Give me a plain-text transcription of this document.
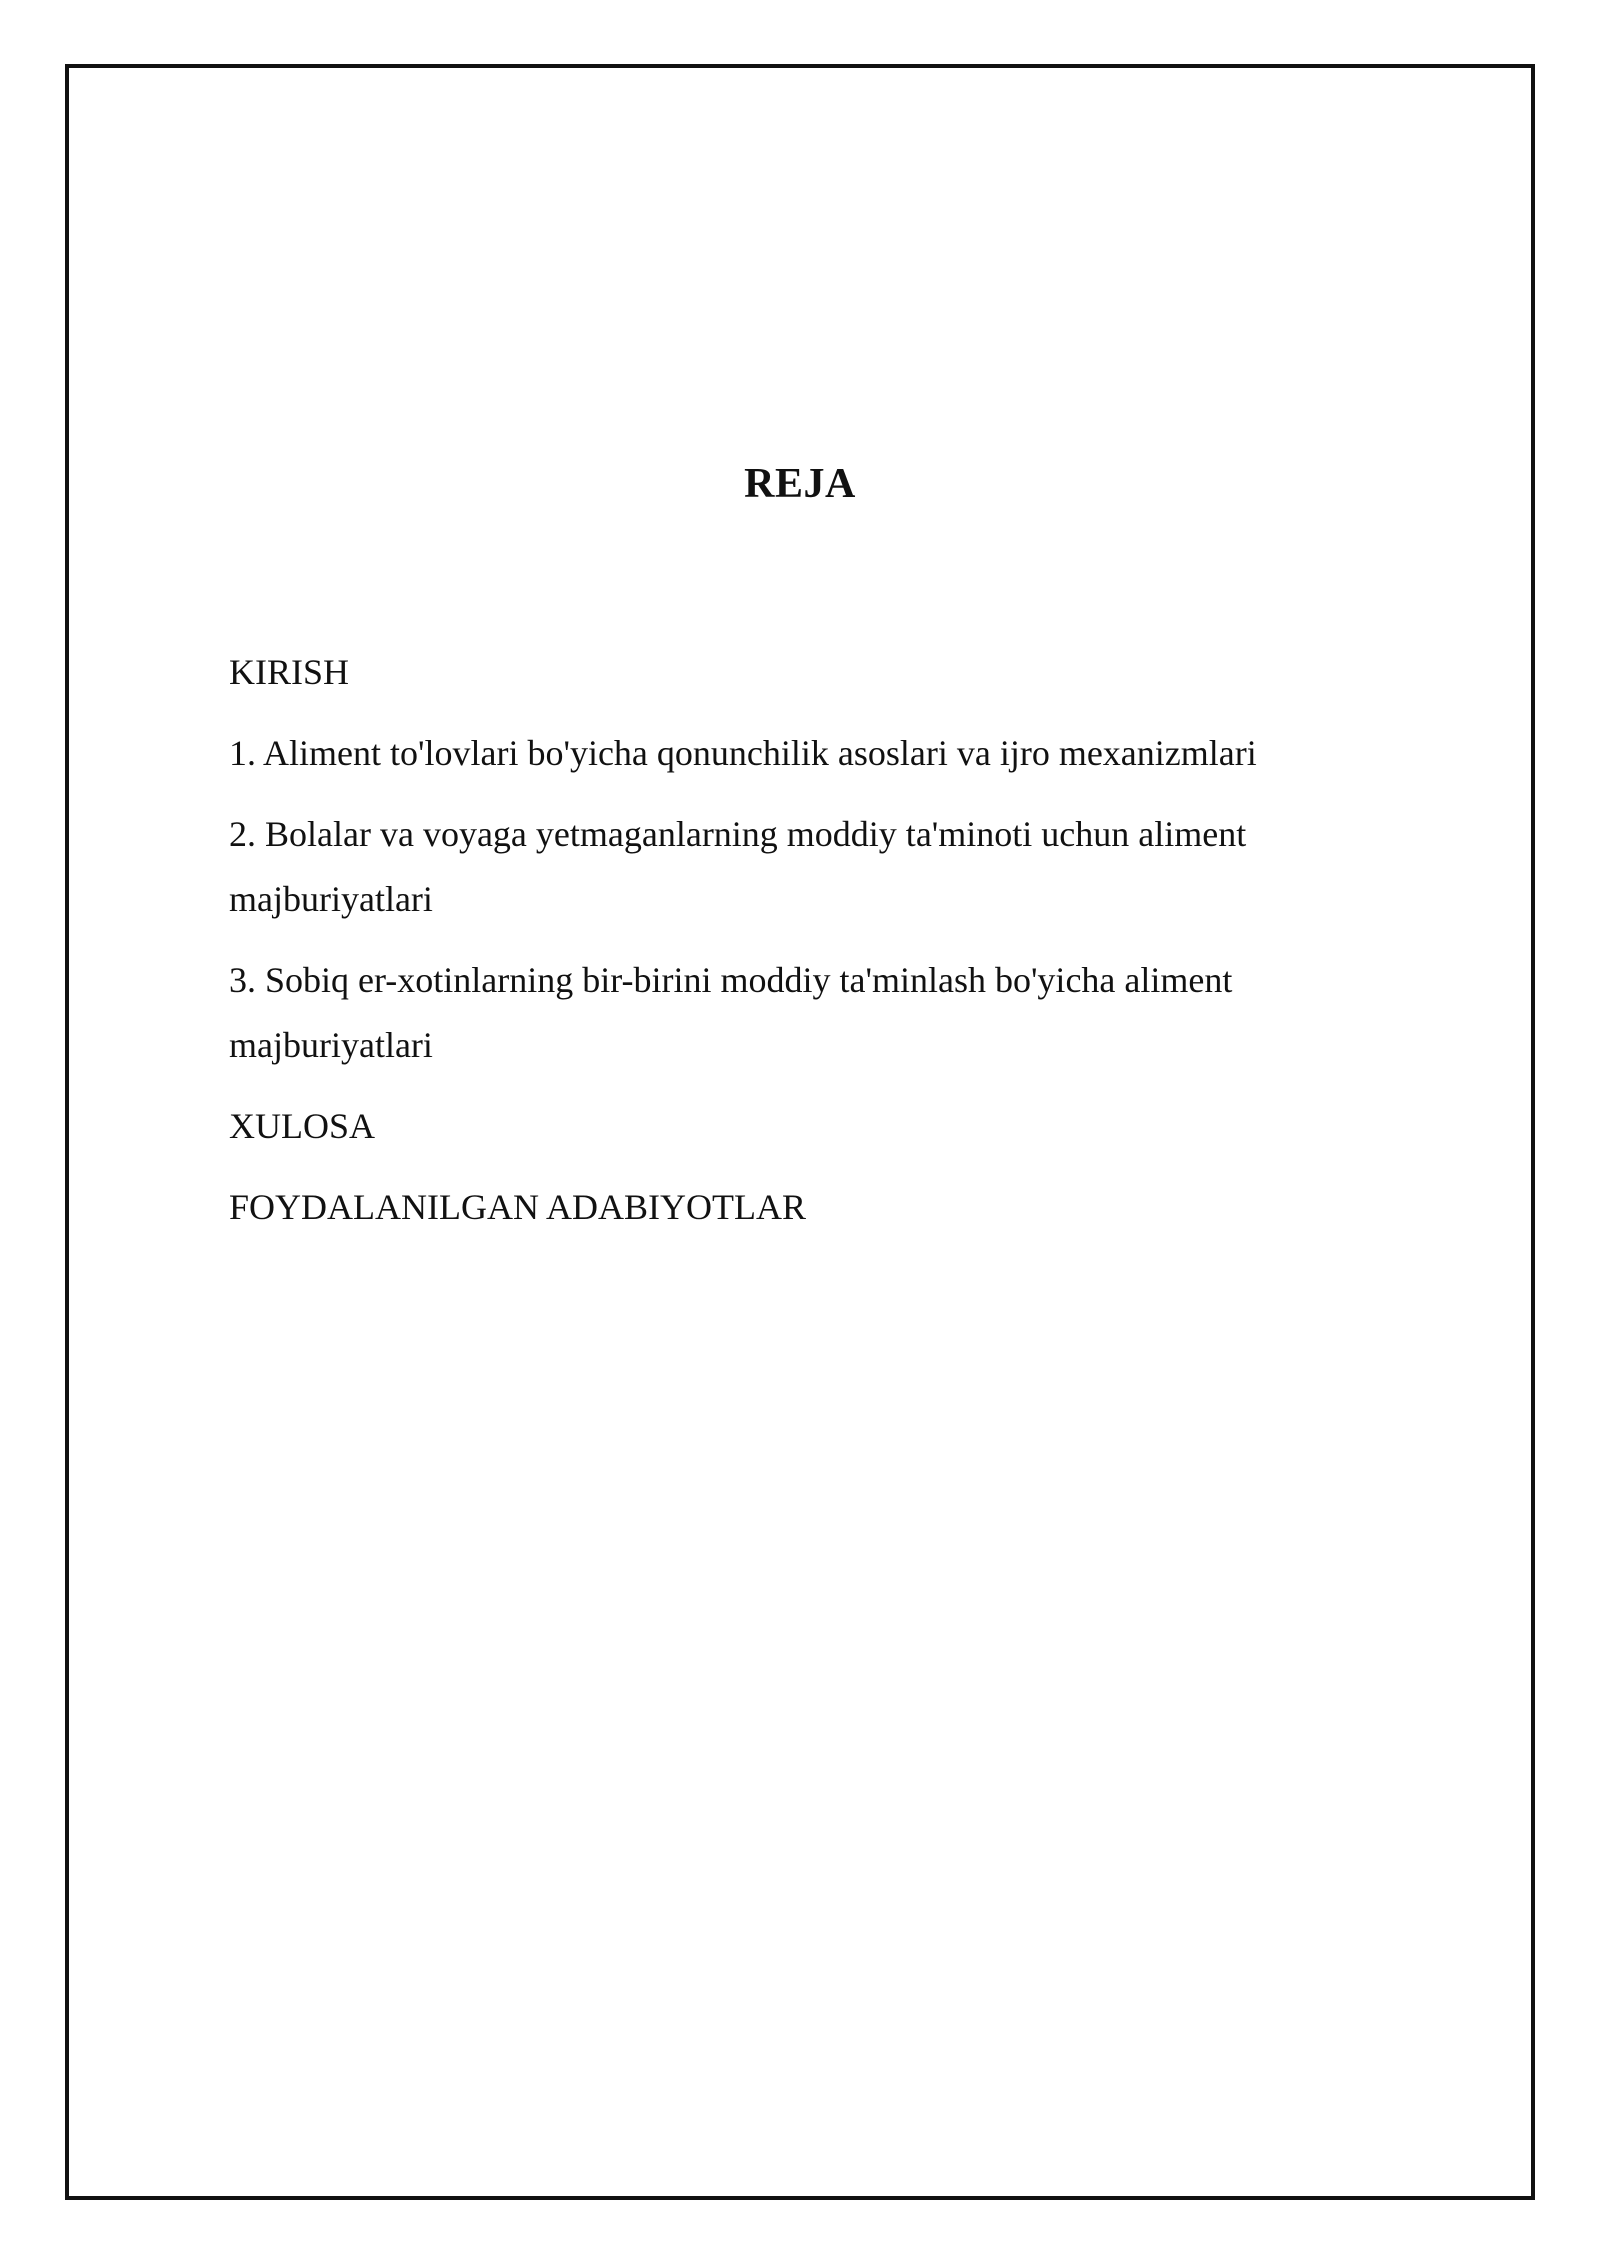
REJA
KIRISH
1. Aliment to'lovlari bo'yicha qonunchilik asoslari va ijro mexanizmlari
2. Bolalar va voyaga yetmaganlarning moddiy ta'minoti uchun aliment majburiyatlari
3. Sobiq er-xotinlarning bir-birini moddiy ta'minlash bo'yicha aliment majburiyatlari
XULOSA
FOYDALANILGAN ADABIYOTLAR
